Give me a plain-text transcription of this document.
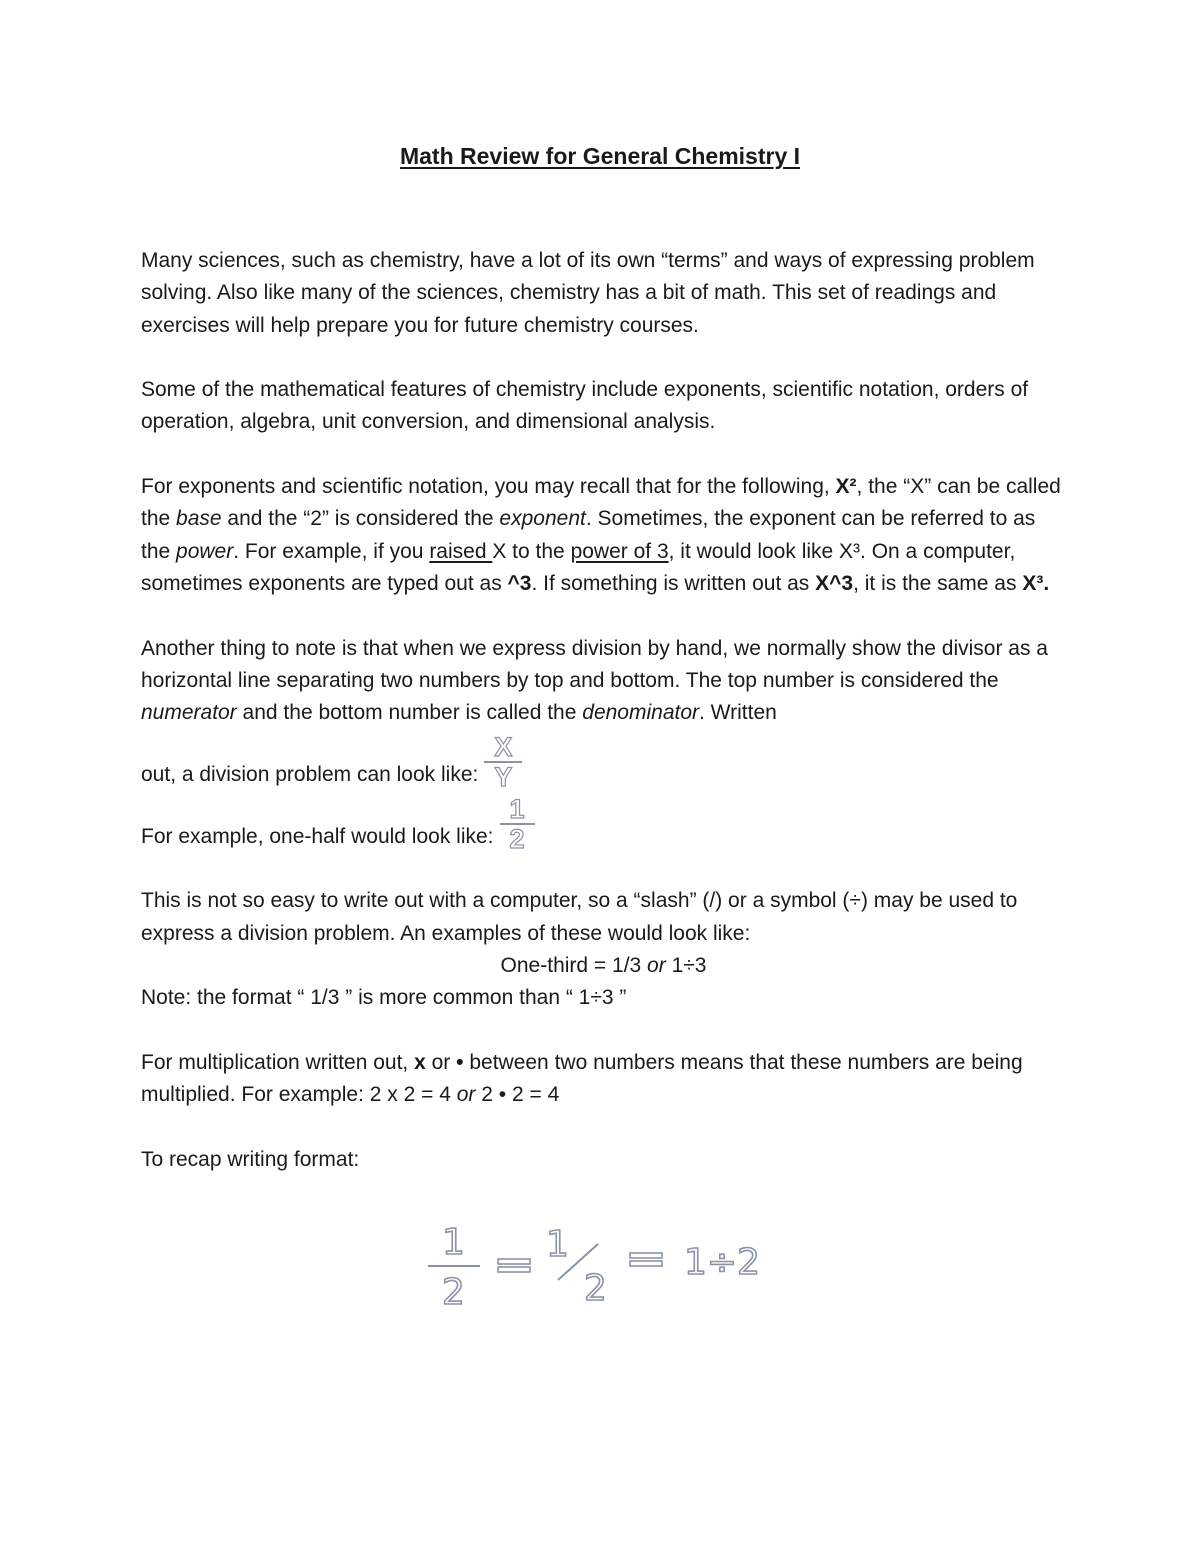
Math Review for General Chemistry I

Many sciences, such as chemistry, have a lot of its own “terms” and ways of expressing problem solving. Also like many of the sciences, chemistry has a bit of math. This set of readings and exercises will help prepare you for future chemistry courses.

Some of the mathematical features of chemistry include exponents, scientific notation, orders of operation, algebra, unit conversion, and dimensional analysis.

For exponents and scientific notation, you may recall that for the following, X², the “X” can be called the base and the “2” is considered the exponent. Sometimes, the exponent can be referred to as the power. For example, if you raised X to the power of 3, it would look like X³. On a computer, sometimes exponents are typed out as ^3. If something is written out as X^3, it is the same as X³.

Another thing to note is that when we express division by hand, we normally show the divisor as a horizontal line separating two numbers by top and bottom. The top number is considered the numerator and the bottom number is called the denominator. Written

out, a division problem can look like: $\frac{X}{Y}$
For example, one-half would look like: $\frac{1}{2}$

This is not so easy to write out with a computer, so a “slash” (/) or a symbol (÷) may be used to express a division problem. An examples of these would look like:

One-third = 1/3 or 1÷3

Note: the format “ 1/3 ” is more common than “ 1÷3 ”

For multiplication written out, x or • between two numbers means that these numbers are being multiplied. For example: 2 x 2 = 4 or 2 • 2 = 4

To recap writing format:

1
2
1
2
1÷2
